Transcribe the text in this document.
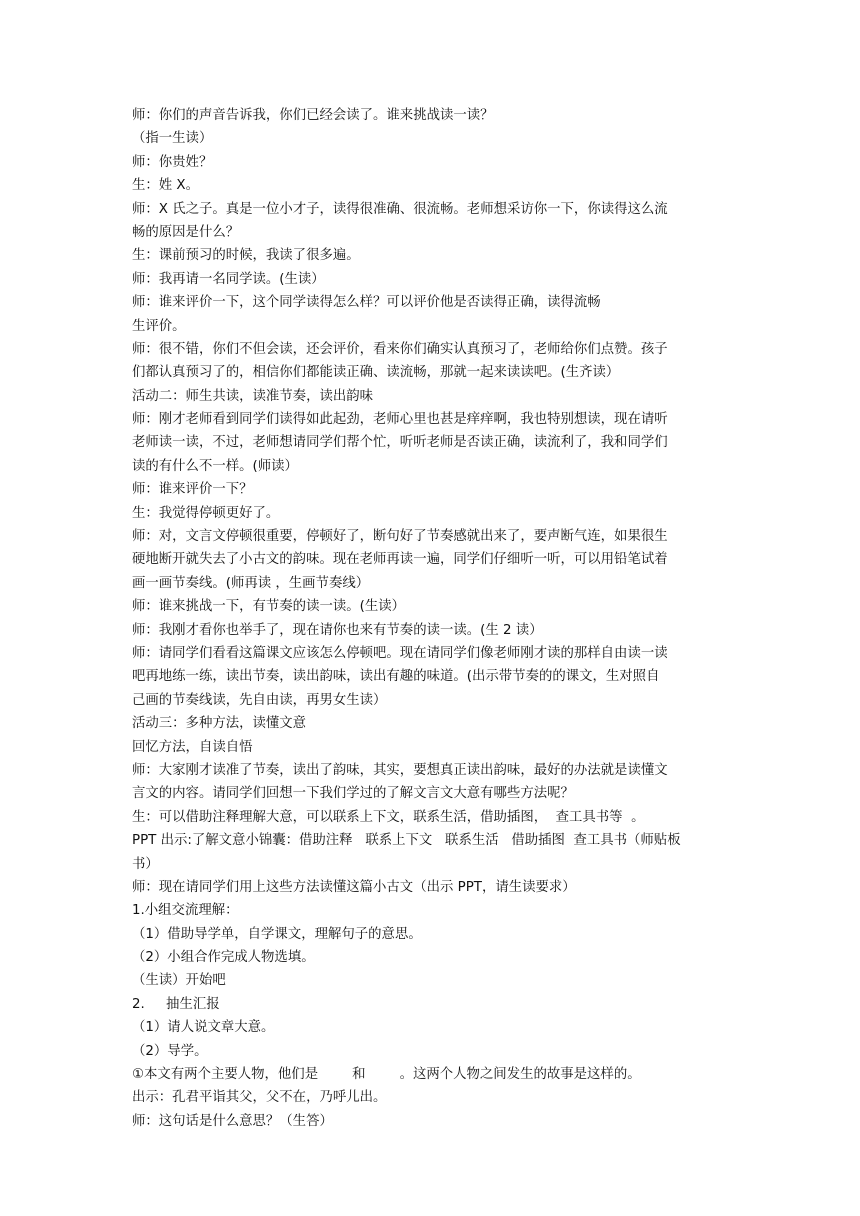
师：你们的声音告诉我，你们已经会读了。谁来挑战读一读？
（指一生读）
师：你贵姓？
生：姓 X。
师：X 氏之子。真是一位小才子，读得很准确、很流畅。老师想采访你一下，你读得这么流
畅的原因是什么？
生：课前预习的时候，我读了很多遍。
师：我再请一名同学读。(生读）
师：谁来评价一下，这个同学读得怎么样？可以评价他是否读得正确，读得流畅
生评价。
师：很不错，你们不但会读，还会评价，看来你们确实认真预习了，老师给你们点赞。孩子
们都认真预习了的，相信你们都能读正确、读流畅，那就一起来读读吧。(生齐读）
活动二：师生共读，读准节奏，读出韵味
师：刚才老师看到同学们读得如此起劲，老师心里也甚是痒痒啊，我也特别想读，现在请听
老师读一读，不过，老师想请同学们帮个忙，听听老师是否读正确，读流利了，我和同学们
读的有什么不一样。(师读）
师：谁来评价一下？
生：我觉得停顿更好了。
师：对，文言文停顿很重要，停顿好了，断句好了节奏感就出来了，要声断气连，如果很生
硬地断开就失去了小古文的韵味。现在老师再读一遍，同学们仔细听一听，可以用铅笔试着
画一画节奏线。(师再读 ，生画节奏线）
师：谁来挑战一下，有节奏的读一读。(生读）
师：我刚才看你也举手了，现在请你也来有节奏的读一读。(生 2 读）
师：请同学们看看这篇课文应该怎么停顿吧。现在请同学们像老师刚才读的那样自由读一读
吧再地练一练，读出节奏，读出韵味，读出有趣的味道。(出示带节奏的的课文，生对照自
己画的节奏线读，先自由读，再男女生读）
活动三：多种方法，读懂文意
回忆方法，自读自悟
师：大家刚才读准了节奏，读出了韵味，其实，要想真正读出韵味，最好的办法就是读懂文
言文的内容。请同学们回想一下我们学过的了解文言文大意有哪些方法呢？
生：可以借助注释理解大意，可以联系上下文，联系生活，借助插图，  查工具书等  。
PPT 出示:了解文意小锦囊：借助注释   联系上下文   联系生活   借助插图  查工具书（师贴板
书）
师：现在请同学们用上这些方法读懂这篇小古文（出示 PPT，请生读要求）
1.小组交流理解：
（1）借助导学单，自学课文，理解句子的意思。
（2）小组合作完成人物选填。
（生读）开始吧
2.     抽生汇报
（1）请人说文章大意。
（2）导学。
①本文有两个主要人物，他们是        和        。这两个人物之间发生的故事是这样的。
出示：孔君平诣其父，父不在，乃呼儿出。
师：这句话是什么意思？（生答）
